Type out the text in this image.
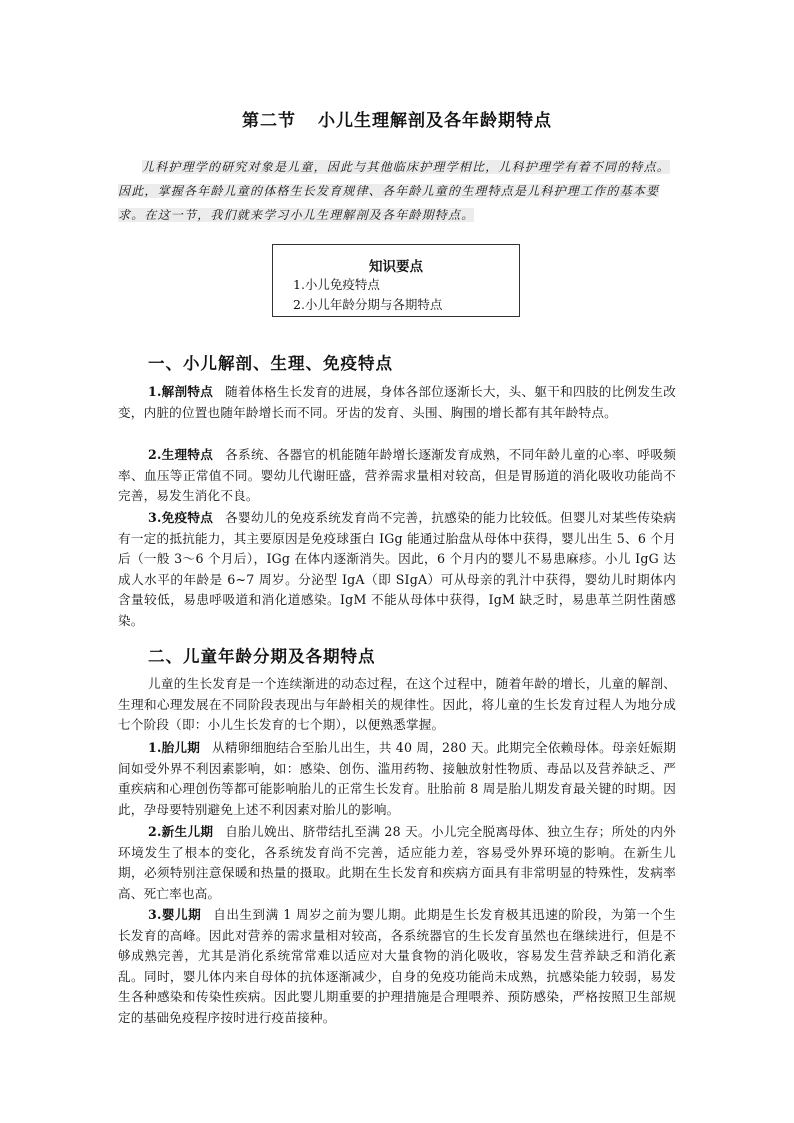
第二节 小儿生理解剖及各年龄期特点
儿科护理学的研究对象是儿童，因此与其他临床护理学相比，儿科护理学有着不同的特点。因此，掌握各年龄儿童的体格生长发育规律、各年龄儿童的生理特点是儿科护理工作的基本要求。在这一节，我们就来学习小儿生理解剖及各年龄期特点。
知识要点
1.小儿免疫特点
2.小儿年龄分期与各期特点
一、小儿解剖、生理、免疫特点
1.解剖特点 随着体格生长发育的进展，身体各部位逐渐长大，头、躯干和四肢的比例发生改变，内脏的位置也随年龄增长而不同。牙齿的发育、头围、胸围的增长都有其年龄特点。
2.生理特点 各系统、各器官的机能随年龄增长逐渐发育成熟，不同年龄儿童的心率、呼吸频率、血压等正常值不同。婴幼儿代谢旺盛，营养需求量相对较高，但是胃肠道的消化吸收功能尚不完善，易发生消化不良。
3.免疫特点 各婴幼儿的免疫系统发育尚不完善，抗感染的能力比较低。但婴儿对某些传染病有一定的抵抗能力，其主要原因是免疫球蛋白 IGg 能通过胎盘从母体中获得，婴儿出生 5、6 个月后（一般 3～6 个月后），IGg 在体内逐渐消失。因此，6 个月内的婴儿不易患麻疹。小儿 IgG 达成人水平的年龄是 6~7 周岁。分泌型 IgA（即 SIgA）可从母亲的乳汁中获得，婴幼儿时期体内含量较低，易患呼吸道和消化道感染。IgM 不能从母体中获得，IgM 缺乏时，易患革兰阴性菌感染。
二、儿童年龄分期及各期特点
儿童的生长发育是一个连续渐进的动态过程，在这个过程中，随着年龄的增长，儿童的解剖、生理和心理发展在不同阶段表现出与年龄相关的规律性。因此，将儿童的生长发育过程人为地分成七个阶段（即：小儿生长发育的七个期），以便熟悉掌握。
1.胎儿期 从精卵细胞结合至胎儿出生，共 40 周，280 天。此期完全依赖母体。母亲妊娠期间如受外界不利因素影响，如：感染、创伤、滥用药物、接触放射性物质、毒品以及营养缺乏、严重疾病和心理创伤等都可能影响胎儿的正常生长发育。肚胎前 8 周是胎儿期发育最关键的时期。因此，孕母要特别避免上述不利因素对胎儿的影响。
2.新生儿期 自胎儿娩出、脐带结扎至满 28 天。小儿完全脱离母体、独立生存；所处的内外环境发生了根本的变化，各系统发育尚不完善，适应能力差，容易受外界环境的影响。在新生儿期，必须特别注意保暖和热量的摄取。此期在生长发育和疾病方面具有非常明显的特殊性，发病率高、死亡率也高。
3.婴儿期 自出生到满 1 周岁之前为婴儿期。此期是生长发育极其迅速的阶段，为第一个生长发育的高峰。因此对营养的需求量相对较高，各系统器官的生长发育虽然也在继续进行，但是不够成熟完善，尤其是消化系统常常难以适应对大量食物的消化吸收，容易发生营养缺乏和消化紊乱。同时，婴儿体内来自母体的抗体逐渐减少，自身的免疫功能尚未成熟，抗感染能力较弱，易发生各种感染和传染性疾病。因此婴儿期重要的护理措施是合理喂养、预防感染，严格按照卫生部规定的基础免疫程序按时进行疫苗接种。
